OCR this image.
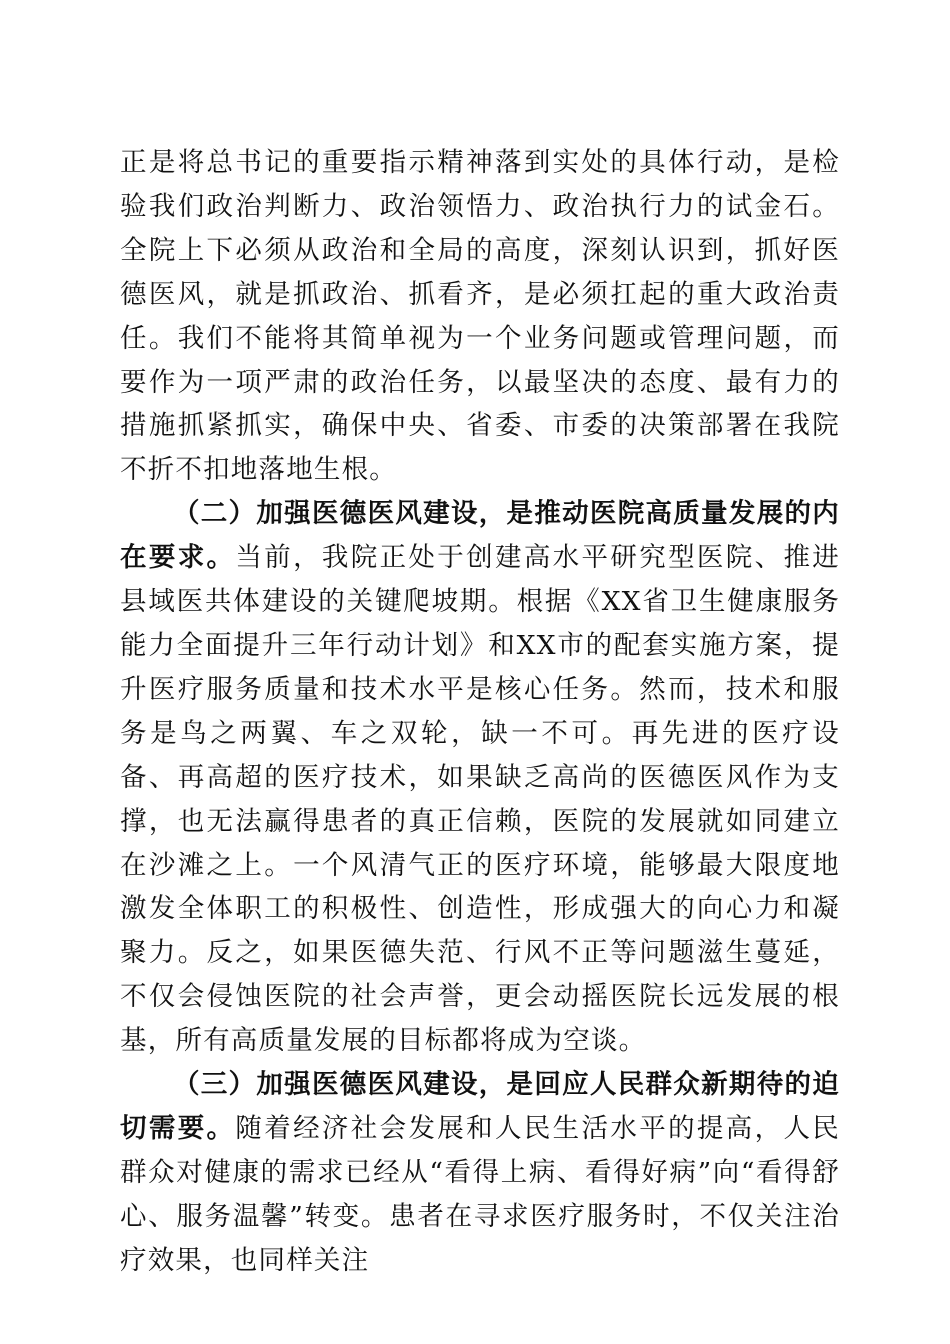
正是将总书记的重要指示精神落到实处的具体行动，是检验我们政治判断力、政治领悟力、政治执行力的试金石。全院上下必须从政治和全局的高度，深刻认识到，抓好医德医风，就是抓政治、抓看齐，是必须扛起的重大政治责任。我们不能将其简单视为一个业务问题或管理问题，而要作为一项严肃的政治任务，以最坚决的态度、最有力的措施抓紧抓实，确保中央、省委、市委的决策部署在我院不折不扣地落地生根。

（二）加强医德医风建设，是推动医院高质量发展的内在要求。当前，我院正处于创建高水平研究型医院、推进县域医共体建设的关键爬坡期。根据《XX省卫生健康服务能力全面提升三年行动计划》和XX市的配套实施方案，提升医疗服务质量和技术水平是核心任务。然而，技术和服务是鸟之两翼、车之双轮，缺一不可。再先进的医疗设备、再高超的医疗技术，如果缺乏高尚的医德医风作为支撑，也无法赢得患者的真正信赖，医院的发展就如同建立在沙滩之上。一个风清气正的医疗环境，能够最大限度地激发全体职工的积极性、创造性，形成强大的向心力和凝聚力。反之，如果医德失范、行风不正等问题滋生蔓延，不仅会侵蚀医院的社会声誉，更会动摇医院长远发展的根基，所有高质量发展的目标都将成为空谈。

（三）加强医德医风建设，是回应人民群众新期待的迫切需要。随着经济社会发展和人民生活水平的提高，人民群众对健康的需求已经从“看得上病、看得好病”向“看得舒心、服务温馨”转变。患者在寻求医疗服务时，不仅关注治疗效果，也同样关注
